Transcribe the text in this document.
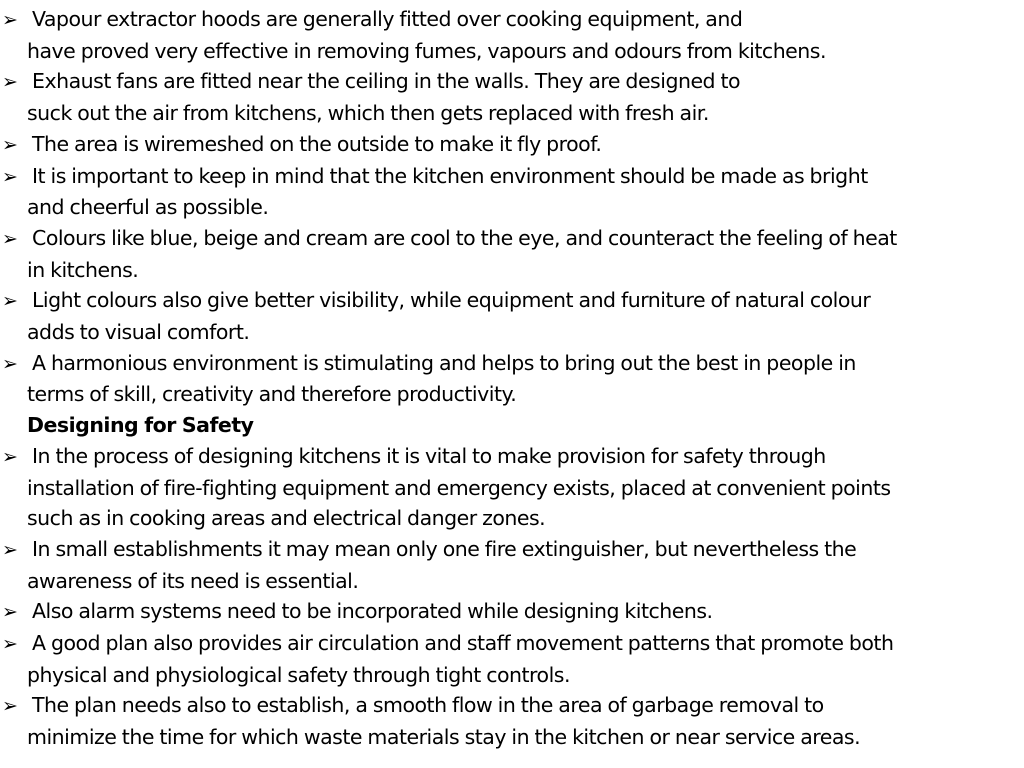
➢ Vapour extractor hoods are generally fitted over cooking equipment, and
have proved very effective in removing fumes, vapours and odours from kitchens.

➢ Exhaust fans are fitted near the ceiling in the walls. They are designed to
suck out the air from kitchens, which then gets replaced with fresh air.

➢ The area is wiremeshed on the outside to make it fly proof.

➢ It is important to keep in mind that the kitchen environment should be made as bright
and cheerful as possible.

➢ Colours like blue, beige and cream are cool to the eye, and counteract the feeling of heat
in kitchens.

➢ Light colours also give better visibility, while equipment and furniture of natural colour
adds to visual comfort.

➢ A harmonious environment is stimulating and helps to bring out the best in people in
terms of skill, creativity and therefore productivity.

Designing for Safety

➢ In the process of designing kitchens it is vital to make provision for safety through
installation of fire-fighting equipment and emergency exists, placed at convenient points
such as in cooking areas and electrical danger zones.

➢ In small establishments it may mean only one fire extinguisher, but nevertheless the
awareness of its need is essential.

➢ Also alarm systems need to be incorporated while designing kitchens.

➢ A good plan also provides air circulation and staff movement patterns that promote both
physical and physiological safety through tight controls.

➢ The plan needs also to establish, a smooth flow in the area of garbage removal to
minimize the time for which waste materials stay in the kitchen or near service areas.
